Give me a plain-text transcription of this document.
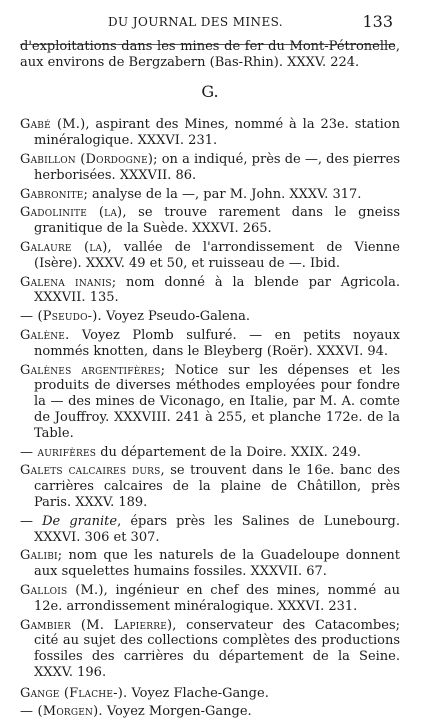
DU JOURNAL DES MINES.	133

d'exploitations dans les mines de fer du Mont-Pétronelle, aux environs de Bergzabern (Bas-Rhin). XXXV. 224.

G.

Gabé (M.), aspirant des Mines, nommé à la 23e. station minéralogique. XXXVI. 231.

Gabillon (Dordogne); on a indiqué, près de —, des pierres herborisées. XXXVII. 86.

Gabronite; analyse de la —, par M. John. XXXV. 317.

Gadolinite (la), se trouve rarement dans le gneiss granitique de la Suède. XXXVI. 265.

Galaure (la), vallée de l'arrondissement de Vienne (Isère). XXXV. 49 et 50, et ruisseau de —. Ibid.

Galena inanis; nom donné à la blende par Agricola. XXXVII. 135.

— (Pseudo-). Voyez Pseudo-Galena.

Galène. Voyez Plomb sulfuré. — en petits noyaux nommés knotten, dans le Bleyberg (Roër). XXXVI. 94.

Galènes argentifères; Notice sur les dépenses et les produits de diverses méthodes employées pour fondre la — des mines de Viconago, en Italie, par M. A. comte de Jouffroy. XXXVIII. 241 à 255, et planche 172e. de la Table.

— aurifères du département de la Doire. XXIX. 249.

Galets calcaires durs, se trouvent dans le 16e. banc des carrières calcaires de la plaine de Châtillon, près Paris. XXXV. 189.

— De granite, épars près les Salines de Lunebourg. XXXVI. 306 et 307.

Galibi; nom que les naturels de la Guadeloupe donnent aux squelettes humains fossiles. XXXVII. 67.

Gallois (M.), ingénieur en chef des mines, nommé au 12e. arrondissement minéralogique. XXXVI. 231.

Gambier (M. Lapierre), conservateur des Catacombes; cité au sujet des collections complètes des productions fossiles des carrières du département de la Seine. XXXV. 196.

Gange (Flache-). Voyez Flache-Gange.

— (Morgen). Voyez Morgen-Gange.
